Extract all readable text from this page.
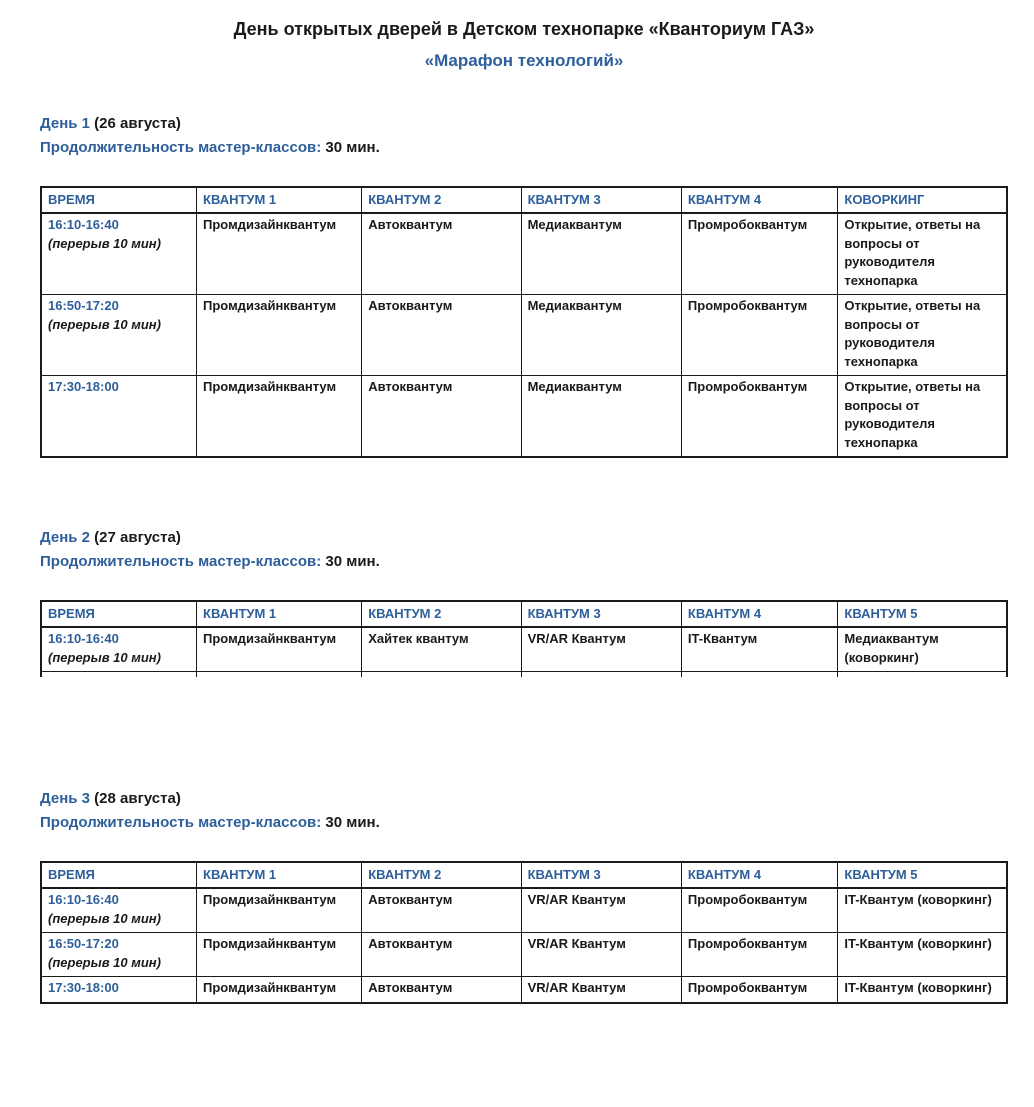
День открытых дверей в Детском технопарке «Кванториум ГАЗ»
«Марафон технологий»

День 1 (26 августа)

Продолжительность мастер-классов: 30 мин.

ВРЕМЯ	КВАНТУМ 1	КВАНТУМ 2	КВАНТУМ 3	КВАНТУМ 4	КОВОРКИНГ

16:10-16:40
(перерыв 10 мин)	Промдизайнквантум	Автоквантум	Медиаквантум	Промробоквантум	Открытие, ответы на вопросы от руководителя технопарка

16:50-17:20
(перерыв 10 мин)	Промдизайнквантум	Автоквантум	Медиаквантум	Промробоквантум	Открытие, ответы на вопросы от руководителя технопарка

17:30-18:00	Промдизайнквантум	Автоквантум	Медиаквантум	Промробоквантум	Открытие, ответы на вопросы от руководителя технопарка

День 2 (27 августа)

Продолжительность мастер-классов: 30 мин.

ВРЕМЯ	КВАНТУМ 1	КВАНТУМ 2	КВАНТУМ 3	КВАНТУМ 4	КВАНТУМ 5

16:10-16:40
(перерыв 10 мин)	Промдизайнквантум	Хайтек квантум	VR/AR Квантум	IT-Квантум	Медиаквантум (коворкинг)

День 3 (28 августа)

Продолжительность мастер-классов: 30 мин.

ВРЕМЯ	КВАНТУМ 1	КВАНТУМ 2	КВАНТУМ 3	КВАНТУМ 4	КВАНТУМ 5

16:10-16:40
(перерыв 10 мин)	Промдизайнквантум	Автоквантум	VR/AR Квантум	Промробоквантум	IT-Квантум (коворкинг)

16:50-17:20
(перерыв 10 мин)	Промдизайнквантум	Автоквантум	VR/AR Квантум	Промробоквантум	IT-Квантум (коворкинг)

17:30-18:00	Промдизайнквантум	Автоквантум	VR/AR Квантум	Промробоквантум	IT-Квантум (коворкинг)
